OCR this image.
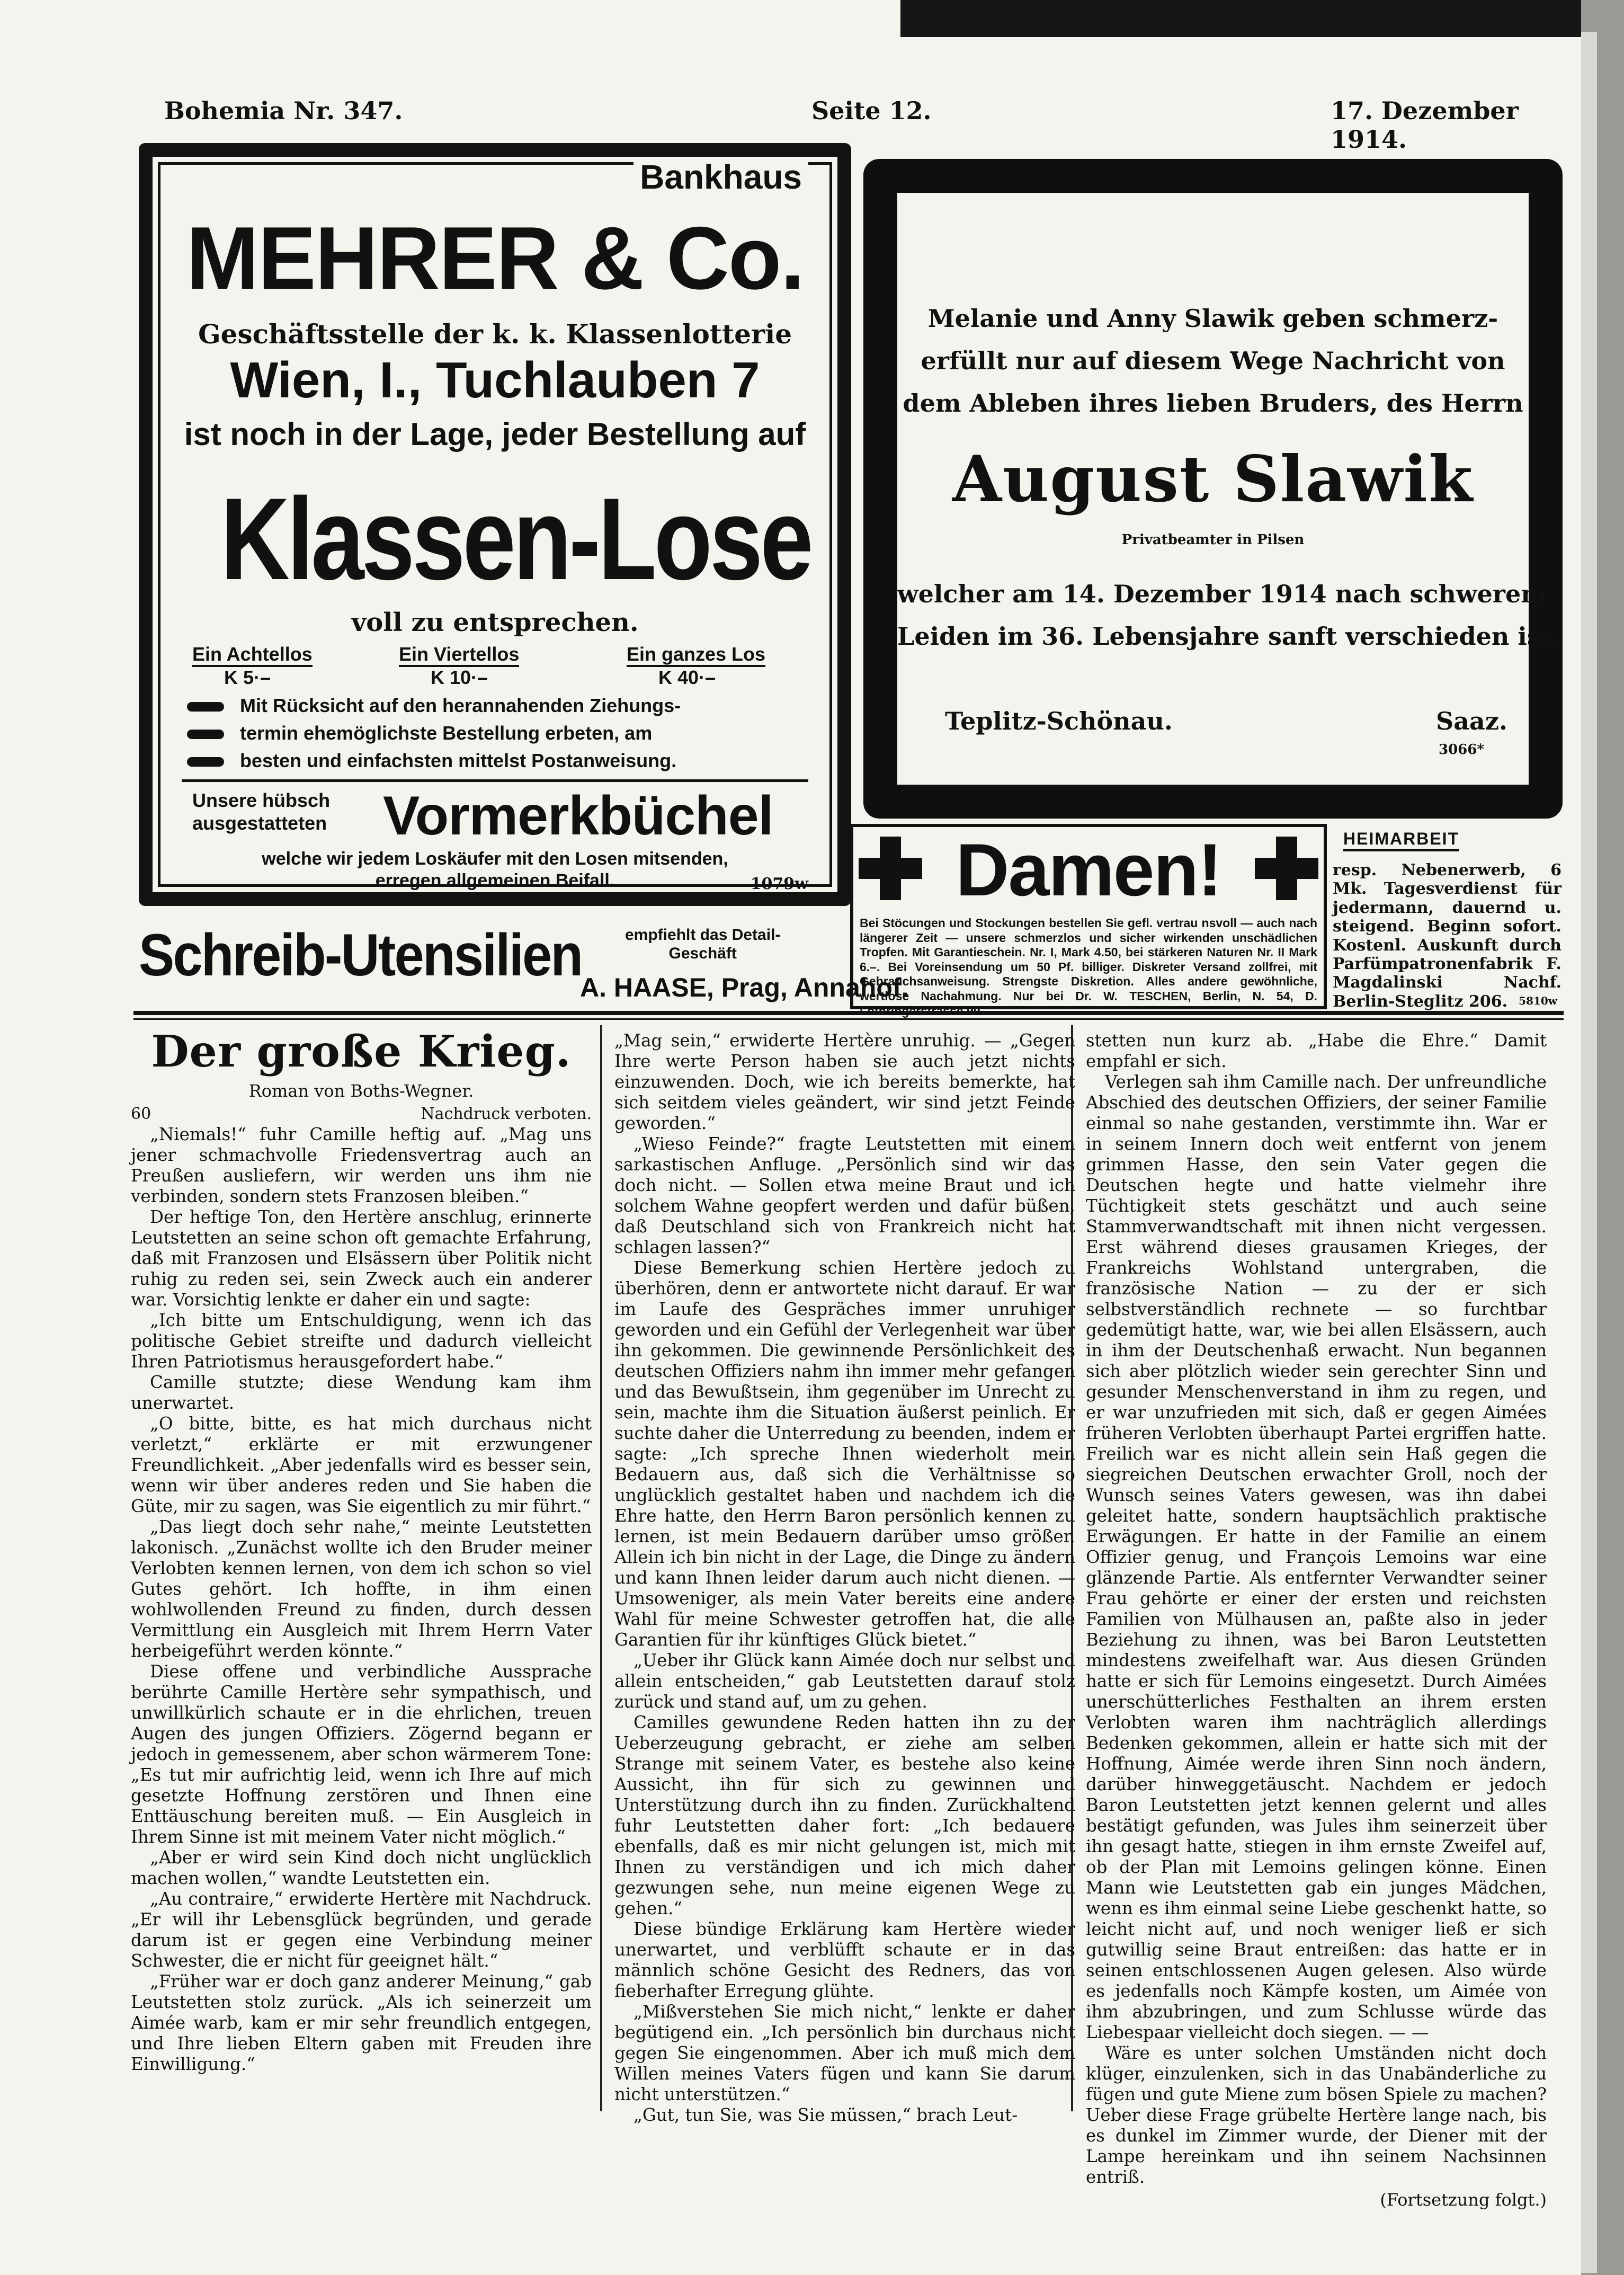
Bohemia Nr. 347.	Seite 12.	17. Dezember 1914.
Bankhaus
MEHRER & Co.
Geschäftsstelle der k. k. Klassenlotterie
Wien, I., Tuchlauben 7
ist noch in der Lage, jeder Bestellung auf
Klassen-Lose
voll zu entsprechen.
Ein Achtellos
K 5·–
Ein Viertellos
K 10·–
Ein ganzes Los
K 40·–
Mit Rücksicht auf den herannahenden Ziehungs-
termin ehemöglichste Bestellung erbeten, am
besten und einfachsten mittelst Postanweisung.
Unsere hübsch
ausgestatteten Vormerkbüchel
welche wir jedem Loskäufer mit den Losen mitsenden,
erregen allgemeinen Beifall.	1079w
Melanie und Anny Slawik geben schmerz-
erfüllt nur auf diesem Wege Nachricht von
dem Ableben ihres lieben Bruders, des Herrn
August Slawik
Privatbeamter in Pilsen
welcher am 14. Dezember 1914 nach schwerem
Leiden im 36. Lebensjahre sanft verschieden ist.
Teplitz-Schönau.	Saaz.
3066*
Damen!
Bei Stöcungen und Stockungen bestellen Sie gefl. vertrau nsvoll — auch nach längerer Zeit — unsere schmerzlos und sicher wirkenden unschädlichen Tropfen. Mit Garantieschein. Nr. I, Mark 4.50, bei stärkeren Naturen Nr. II Mark 6.–. Bei Voreinsendung um 50 Pf. billiger. Diskreter Versand zollfrei, mit Gebrauchsanweisung. Strengste Diskretion. Alles andere gewöhnliche, wertlose Nachahmung. Nur bei Dr. W. TESCHEN, Berlin, N. 54, D. Lothringerstrasse 99.
HEIMARBEIT
resp. Nebenerwerb, 6 Mk. Tagesverdienst für jedermann, dauernd u. steigend. Beginn sofort. Kostenl. Auskunft durch Parfümpatronenfabrik F. Magdalinski Nachf. Berlin-Steglitz 206.	5810w
Schreib-Utensilien	empfiehlt das Detail-
Geschäft
A. HAASE, Prag, Annahof.
Der große Krieg.
Roman von Boths-Wegner.
60	Nachdruck verboten.

„Niemals!“ fuhr Camille heftig auf. „Mag uns jener schmachvolle Friedensvertrag auch an Preußen ausliefern, wir werden uns ihm nie verbinden, sondern stets Franzosen bleiben.“

Der heftige Ton, den Hertère anschlug, erinnerte Leutstetten an seine schon oft gemachte Erfahrung, daß mit Franzosen und Elsässern über Politik nicht ruhig zu reden sei, sein Zweck auch ein anderer war. Vorsichtig lenkte er daher ein und sagte:

„Ich bitte um Entschuldigung, wenn ich das politische Gebiet streifte und dadurch vielleicht Ihren Patriotismus herausgefordert habe.“

Camille stutzte; diese Wendung kam ihm unerwartet.

„O bitte, bitte, es hat mich durchaus nicht verletzt,“ erklärte er mit erzwungener Freundlichkeit. „Aber jedenfalls wird es besser sein, wenn wir über anderes reden und Sie haben die Güte, mir zu sagen, was Sie eigentlich zu mir führt.“

„Das liegt doch sehr nahe,“ meinte Leutstetten lakonisch. „Zunächst wollte ich den Bruder meiner Verlobten kennen lernen, von dem ich schon so viel Gutes gehört. Ich hoffte, in ihm einen wohlwollenden Freund zu finden, durch dessen Vermittlung ein Ausgleich mit Ihrem Herrn Vater herbeigeführt werden könnte.“

Diese offene und verbindliche Aussprache berührte Camille Hertère sehr sympathisch, und unwillkürlich schaute er in die ehrlichen, treuen Augen des jungen Offiziers. Zögernd begann er jedoch in gemessenem, aber schon wärmerem Tone: „Es tut mir aufrichtig leid, wenn ich Ihre auf mich gesetzte Hoffnung zerstören und Ihnen eine Enttäuschung bereiten muß. — Ein Ausgleich in Ihrem Sinne ist mit meinem Vater nicht möglich.“

„Aber er wird sein Kind doch nicht unglücklich machen wollen,“ wandte Leutstetten ein.

„Au contraire,“ erwiderte Hertère mit Nachdruck. „Er will ihr Lebensglück begründen, und gerade darum ist er gegen eine Verbindung meiner Schwester, die er nicht für geeignet hält.“

„Früher war er doch ganz anderer Meinung,“ gab Leutstetten stolz zurück. „Als ich seinerzeit um Aimée warb, kam er mir sehr freundlich entgegen, und Ihre lieben Eltern gaben mit Freuden ihre Einwilligung.“

„Mag sein,“ erwiderte Hertère unruhig. — „Gegen Ihre werte Person haben sie auch jetzt nichts einzuwenden. Doch, wie ich bereits bemerkte, hat sich seitdem vieles geändert, wir sind jetzt Feinde geworden.“

„Wieso Feinde?“ fragte Leutstetten mit einem sarkastischen Anfluge. „Persönlich sind wir das doch nicht. — Sollen etwa meine Braut und ich solchem Wahne geopfert werden und dafür büßen, daß Deutschland sich von Frankreich nicht hat schlagen lassen?“

Diese Bemerkung schien Hertère jedoch zu überhören, denn er antwortete nicht darauf. Er war im Laufe des Gespräches immer unruhiger geworden und ein Gefühl der Verlegenheit war über ihn gekommen. Die gewinnende Persönlichkeit des deutschen Offiziers nahm ihn immer mehr gefangen und das Bewußtsein, ihm gegenüber im Unrecht zu sein, machte ihm die Situation äußerst peinlich. Er suchte daher die Unterredung zu beenden, indem er sagte: „Ich spreche Ihnen wiederholt mein Bedauern aus, daß sich die Verhältnisse so unglücklich gestaltet haben und nachdem ich die Ehre hatte, den Herrn Baron persönlich kennen zu lernen, ist mein Bedauern darüber umso größer. Allein ich bin nicht in der Lage, die Dinge zu ändern und kann Ihnen leider darum auch nicht dienen. — Umsoweniger, als mein Vater bereits eine andere Wahl für meine Schwester getroffen hat, die alle Garantien für ihr künftiges Glück bietet.“

„Ueber ihr Glück kann Aimée doch nur selbst und allein entscheiden,“ gab Leutstetten darauf stolz zurück und stand auf, um zu gehen.

Camilles gewundene Reden hatten ihn zu der Ueberzeugung gebracht, er ziehe am selben Strange mit seinem Vater, es bestehe also keine Aussicht, ihn für sich zu gewinnen und Unterstützung durch ihn zu finden. Zurückhaltend fuhr Leutstetten daher fort: „Ich bedauere ebenfalls, daß es mir nicht gelungen ist, mich mit Ihnen zu verständigen und ich mich daher gezwungen sehe, nun meine eigenen Wege zu gehen.“

Diese bündige Erklärung kam Hertère wieder unerwartet, und verblüfft schaute er in das männlich schöne Gesicht des Redners, das von fieberhafter Erregung glühte.

„Mißverstehen Sie mich nicht,“ lenkte er daher begütigend ein. „Ich persönlich bin durchaus nicht gegen Sie eingenommen. Aber ich muß mich dem Willen meines Vaters fügen und kann Sie darum nicht unterstützen.“

„Gut, tun Sie, was Sie müssen,“ brach Leut-

stetten nun kurz ab. „Habe die Ehre.“ Damit empfahl er sich.

Verlegen sah ihm Camille nach. Der unfreundliche Abschied des deutschen Offiziers, der seiner Familie einmal so nahe gestanden, verstimmte ihn. War er in seinem Innern doch weit entfernt von jenem grimmen Hasse, den sein Vater gegen die Deutschen hegte und hatte vielmehr ihre Tüchtigkeit stets geschätzt und auch seine Stammverwandtschaft mit ihnen nicht vergessen. Erst während dieses grausamen Krieges, der Frankreichs Wohlstand untergraben, die französische Nation — zu der er sich selbstverständlich rechnete — so furchtbar gedemütigt hatte, war, wie bei allen Elsässern, auch in ihm der Deutschenhaß erwacht. Nun begannen sich aber plötzlich wieder sein gerechter Sinn und gesunder Menschenverstand in ihm zu regen, und er war unzufrieden mit sich, daß er gegen Aimées früheren Verlobten überhaupt Partei ergriffen hatte. Freilich war es nicht allein sein Haß gegen die siegreichen Deutschen erwachter Groll, noch der Wunsch seines Vaters gewesen, was ihn dabei geleitet hatte, sondern hauptsächlich praktische Erwägungen. Er hatte in der Familie an einem Offizier genug, und François Lemoins war eine glänzende Partie. Als entfernter Verwandter seiner Frau gehörte er einer der ersten und reichsten Familien von Mülhausen an, paßte also in jeder Beziehung zu ihnen, was bei Baron Leutstetten mindestens zweifelhaft war. Aus diesen Gründen hatte er sich für Lemoins eingesetzt. Durch Aimées unerschütterliches Festhalten an ihrem ersten Verlobten waren ihm nachträglich allerdings Bedenken gekommen, allein er hatte sich mit der Hoffnung, Aimée werde ihren Sinn noch ändern, darüber hinweggetäuscht. Nachdem er jedoch Baron Leutstetten jetzt kennen gelernt und alles bestätigt gefunden, was Jules ihm seinerzeit über ihn gesagt hatte, stiegen in ihm ernste Zweifel auf, ob der Plan mit Lemoins gelingen könne. Einen Mann wie Leutstetten gab ein junges Mädchen, wenn es ihm einmal seine Liebe geschenkt hatte, so leicht nicht auf, und noch weniger ließ er sich gutwillig seine Braut entreißen: das hatte er in seinen entschlossenen Augen gelesen. Also würde es jedenfalls noch Kämpfe kosten, um Aimée von ihm abzubringen, und zum Schlusse würde das Liebespaar vielleicht doch siegen. — —

Wäre es unter solchen Umständen nicht doch klüger, einzulenken, sich in das Unabänderliche zu fügen und gute Miene zum bösen Spiele zu machen? Ueber diese Frage grübelte Hertère lange nach, bis es dunkel im Zimmer wurde, der Diener mit der Lampe hereinkam und ihn seinem Nachsinnen entriß.

(Fortsetzung folgt.)
